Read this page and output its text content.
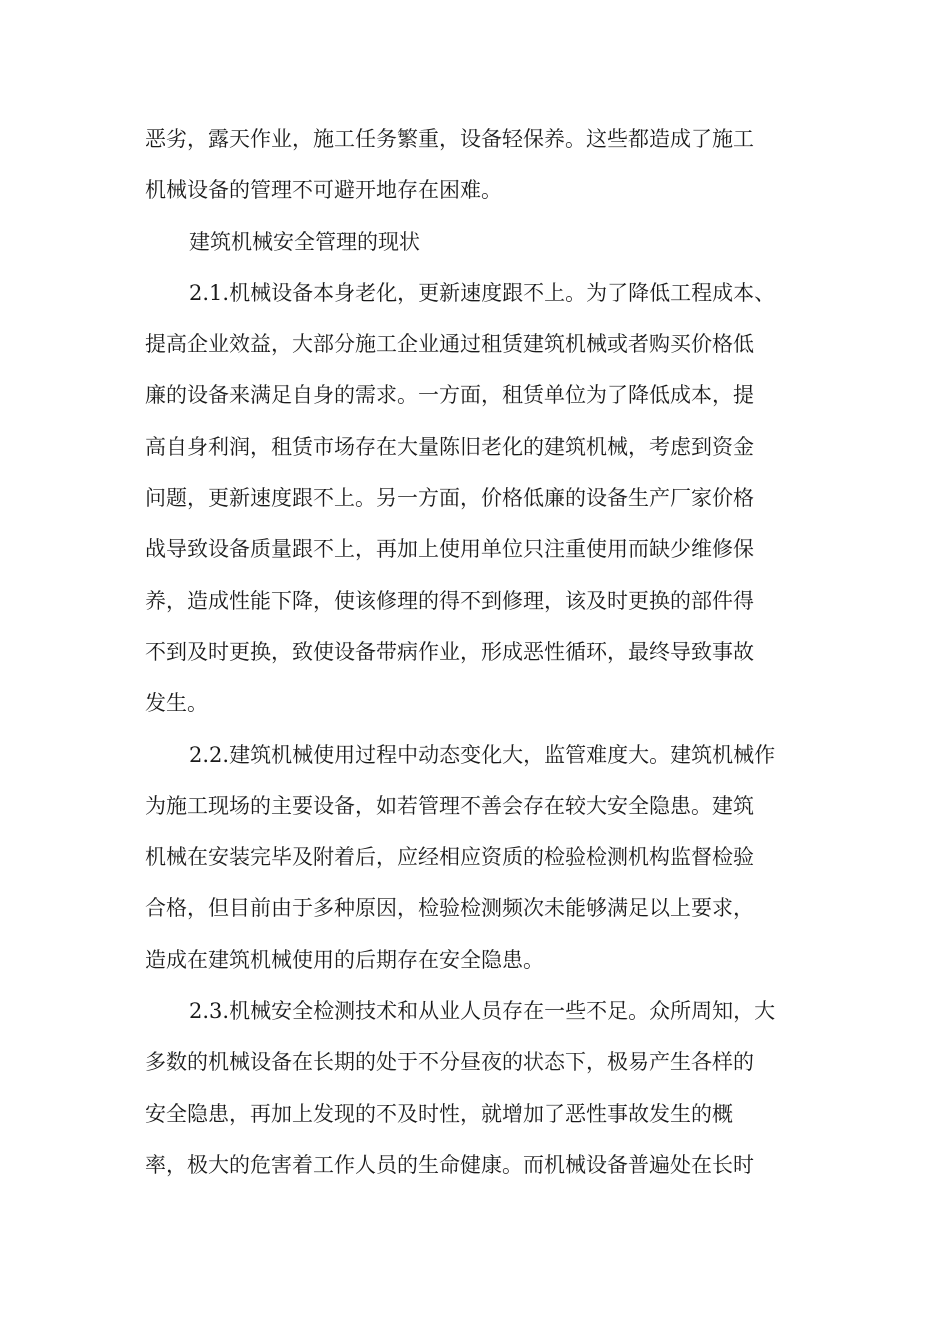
恶劣，露天作业，施工任务繁重，设备轻保养。这些都造成了施工
机械设备的管理不可避开地存在困难。
建筑机械安全管理的现状
2.1.机械设备本身老化，更新速度跟不上。为了降低工程成本、
提高企业效益，大部分施工企业通过租赁建筑机械或者购买价格低
廉的设备来满足自身的需求。一方面，租赁单位为了降低成本，提
高自身利润，租赁市场存在大量陈旧老化的建筑机械，考虑到资金
问题，更新速度跟不上。另一方面，价格低廉的设备生产厂家价格
战导致设备质量跟不上，再加上使用单位只注重使用而缺少维修保
养，造成性能下降，使该修理的得不到修理，该及时更换的部件得
不到及时更换，致使设备带病作业，形成恶性循环，最终导致事故
发生。
2.2.建筑机械使用过程中动态变化大，监管难度大。建筑机械作
为施工现场的主要设备，如若管理不善会存在较大安全隐患。建筑
机械在安装完毕及附着后，应经相应资质的检验检测机构监督检验
合格，但目前由于多种原因，检验检测频次未能够满足以上要求，
造成在建筑机械使用的后期存在安全隐患。
2.3.机械安全检测技术和从业人员存在一些不足。众所周知，大
多数的机械设备在长期的处于不分昼夜的状态下，极易产生各样的
安全隐患，再加上发现的不及时性，就增加了恶性事故发生的概
率，极大的危害着工作人员的生命健康。而机械设备普遍处在长时
